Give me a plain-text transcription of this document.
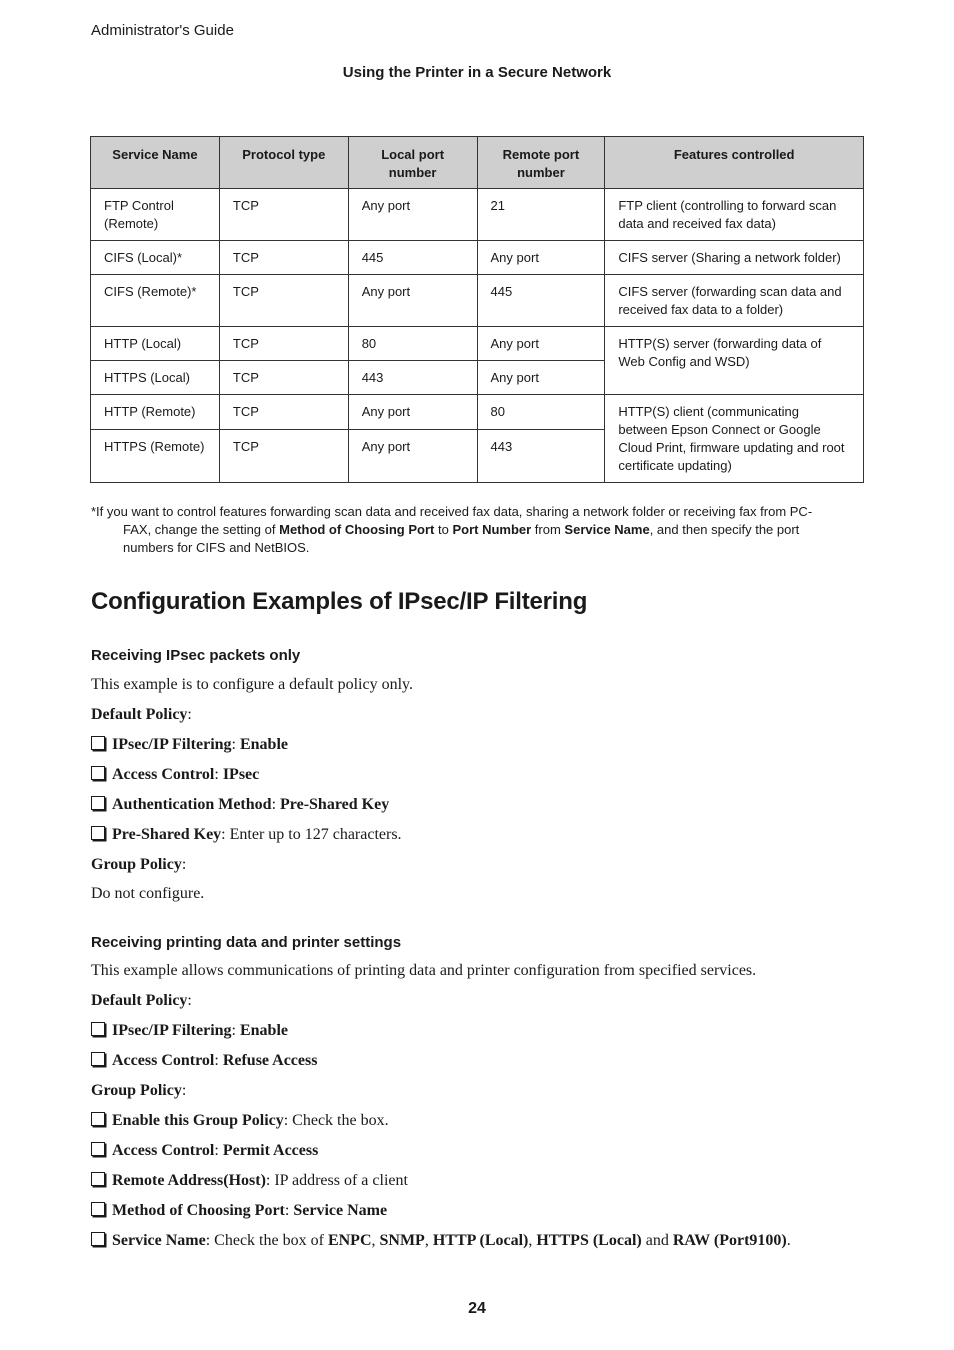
Administrator's Guide
Using the Printer in a Secure Network
Service Name	Protocol type	Local port number	Remote port number	Features controlled
FTP Control (Remote)	TCP	Any port	21	FTP client (controlling to forward scan data and received fax data)
CIFS (Local)*	TCP	445	Any port	CIFS server (Sharing a network folder)
CIFS (Remote)*	TCP	Any port	445	CIFS server (forwarding scan data and received fax data to a folder)
HTTP (Local)	TCP	80	Any port	HTTP(S) server (forwarding data of Web Config and WSD)
HTTPS (Local)	TCP	443	Any port	
HTTP (Remote)	TCP	Any port	80	HTTP(S) client (communicating between Epson Connect or Google Cloud Print, firmware updating and root certificate updating)
HTTPS (Remote)	TCP	Any port	443	
*If you want to control features forwarding scan data and received fax data, sharing a network folder or receiving fax from PC-
FAX, change the setting of Method of Choosing Port to Port Number from Service Name, and then specify the port
numbers for CIFS and NetBIOS.
Configuration Examples of IPsec/IP Filtering
Receiving IPsec packets only
This example is to configure a default policy only.
Default Policy:
IPsec/IP Filtering: Enable
Access Control: IPsec
Authentication Method: Pre-Shared Key
Pre-Shared Key: Enter up to 127 characters.
Group Policy:
Do not configure.
Receiving printing data and printer settings
This example allows communications of printing data and printer configuration from specified services.
Default Policy:
IPsec/IP Filtering: Enable
Access Control: Refuse Access
Group Policy:
Enable this Group Policy: Check the box.
Access Control: Permit Access
Remote Address(Host): IP address of a client
Method of Choosing Port: Service Name
Service Name: Check the box of ENPC, SNMP, HTTP (Local), HTTPS (Local) and RAW (Port9100).
24
